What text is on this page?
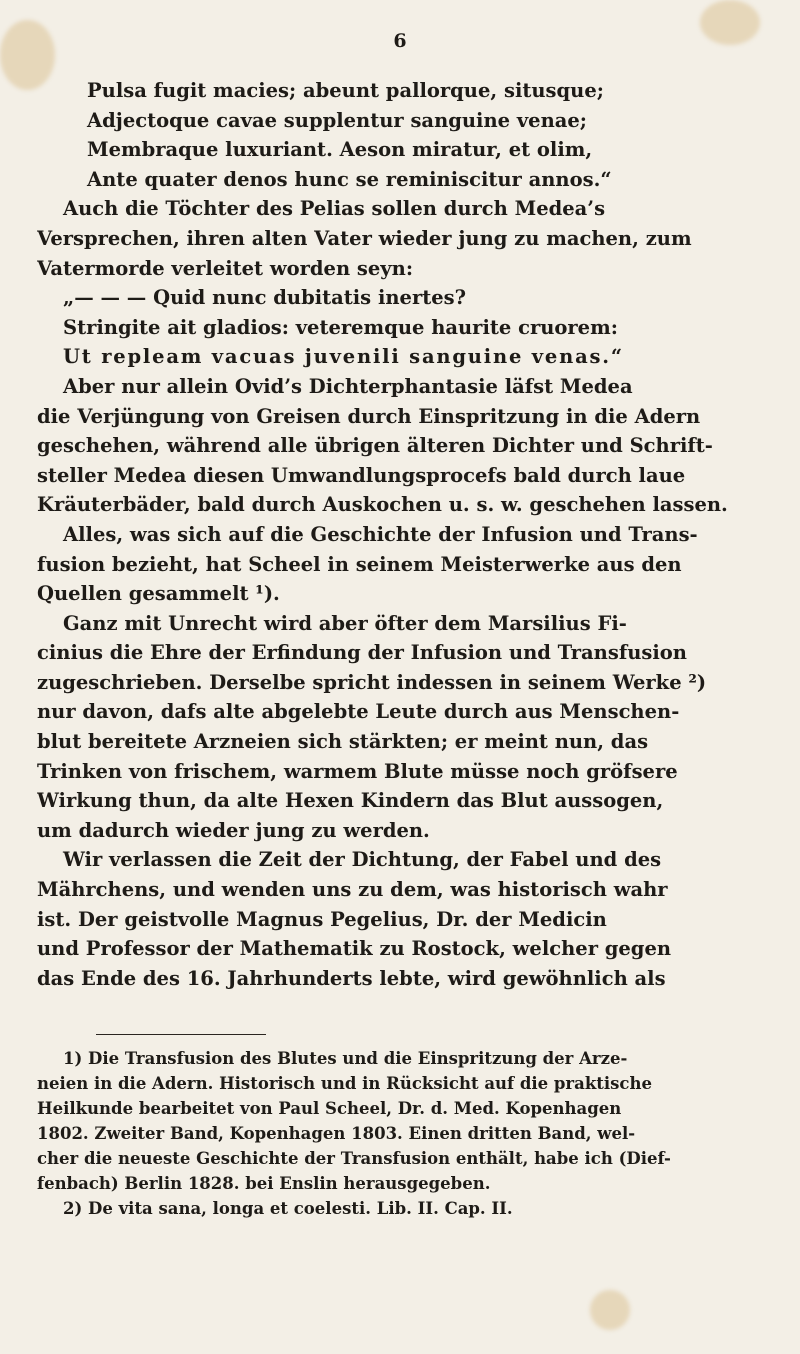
6
Pulsa fugit macies; abeunt pallorque, situsque;
Adjectoque cavae supplentur sanguine venae;
Membraque luxuriant. Aeson miratur, et olim,
Ante quater denos hunc se reminiscitur annos.“
Auch die Töchter des Pelias sollen durch Medea’s
Versprechen, ihren alten Vater wieder jung zu machen, zum
Vatermorde verleitet worden seyn:
„— — — Quid nunc dubitatis inertes?
Stringite ait gladios: veteremque haurite cruorem:
Ut repleam vacuas juvenili sanguine venas.“
Aber nur allein Ovid’s Dichterphantasie läfst Medea
die Verjüngung von Greisen durch Einspritzung in die Adern
geschehen, während alle übrigen älteren Dichter und Schrift-
steller Medea diesen Umwandlungsprocefs bald durch laue
Kräuterbäder, bald durch Auskochen u. s. w. geschehen lassen.
Alles, was sich auf die Geschichte der Infusion und Trans-
fusion bezieht, hat Scheel in seinem Meisterwerke aus den
Quellen gesammelt ¹).
Ganz mit Unrecht wird aber öfter dem Marsilius Fi-
cinius die Ehre der Erfindung der Infusion und Transfusion
zugeschrieben. Derselbe spricht indessen in seinem Werke ²)
nur davon, dafs alte abgelebte Leute durch aus Menschen-
blut bereitete Arzneien sich stärkten; er meint nun, das
Trinken von frischem, warmem Blute müsse noch gröfsere
Wirkung thun, da alte Hexen Kindern das Blut aussogen,
um dadurch wieder jung zu werden.
Wir verlassen die Zeit der Dichtung, der Fabel und des
Mährchens, und wenden uns zu dem, was historisch wahr
ist. Der geistvolle Magnus Pegelius, Dr. der Medicin
und Professor der Mathematik zu Rostock, welcher gegen
das Ende des 16. Jahrhunderts lebte, wird gewöhnlich als
1) Die Transfusion des Blutes und die Einspritzung der Arze-
neien in die Adern. Historisch und in Rücksicht auf die praktische
Heilkunde bearbeitet von Paul Scheel, Dr. d. Med. Kopenhagen
1802. Zweiter Band, Kopenhagen 1803. Einen dritten Band, wel-
cher die neueste Geschichte der Transfusion enthält, habe ich (Dief-
fenbach) Berlin 1828. bei Enslin herausgegeben.
2) De vita sana, longa et coelesti. Lib. II. Cap. II.
